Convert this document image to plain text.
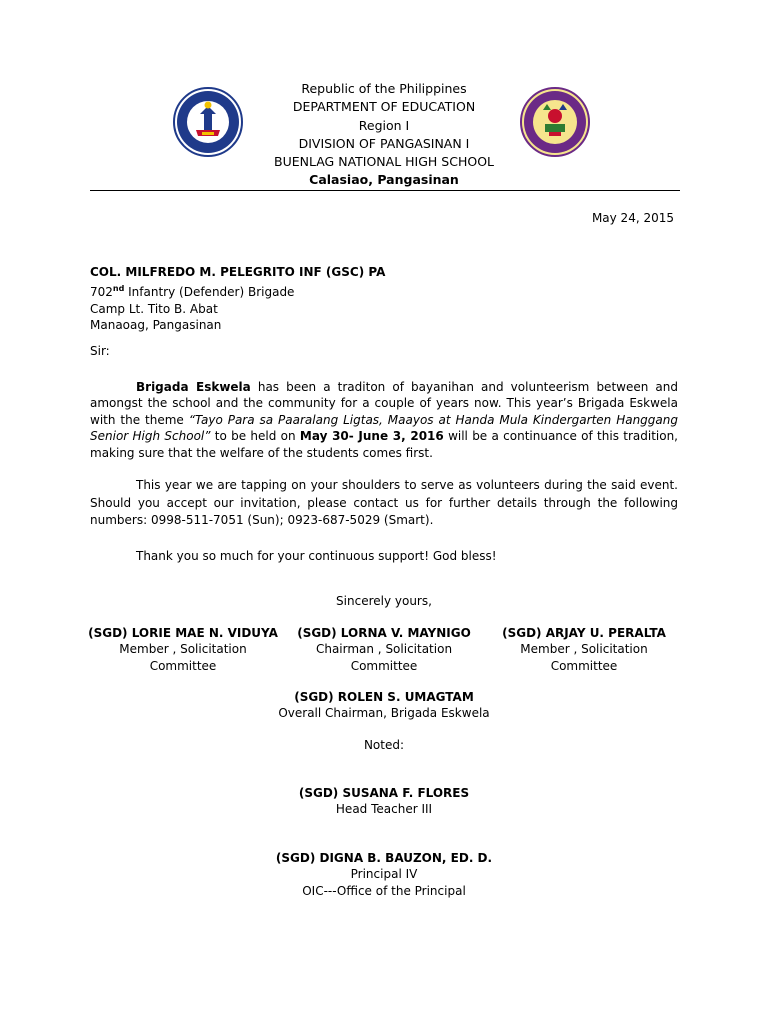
Republic of the Philippines
DEPARTMENT OF EDUCATION
Region I
DIVISION OF PANGASINAN I
BUENLAG NATIONAL HIGH SCHOOL
Calasiao, Pangasinan
May 24, 2015
COL. MILFREDO M. PELEGRITO INF (GSC) PA
702nd Infantry (Defender) Brigade
Camp Lt. Tito B. Abat
Manaoag, Pangasinan
Sir:
Brigada Eskwela has been a traditon of bayanihan and volunteerism between and amongst the school and the community for a couple of years now. This year’s Brigada Eskwela with the theme “Tayo Para sa Paaralang Ligtas, Maayos at Handa Mula Kindergarten Hanggang Senior High School” to be held on May 30- June 3, 2016 will be a continuance of this tradition, making sure that the welfare of the students comes first.
This year we are tapping on your shoulders to serve as volunteers during the said event. Should you accept our invitation, please contact us for further details through the following numbers: 0998-511-7051 (Sun); 0923-687-5029 (Smart).
Thank you so much for your continuous support! God bless!
Sincerely yours,
(SGD) LORIE MAE N. VIDUYA
Member , Solicitation
Committee
(SGD) LORNA V. MAYNIGO
Chairman , Solicitation
Committee
(SGD) ARJAY U. PERALTA
Member , Solicitation
Committee
(SGD) ROLEN S. UMAGTAM
Overall Chairman, Brigada Eskwela
Noted:
(SGD) SUSANA F. FLORES
Head Teacher III
(SGD) DIGNA B. BAUZON, ED. D.
Principal IV
OIC---Office of the Principal
